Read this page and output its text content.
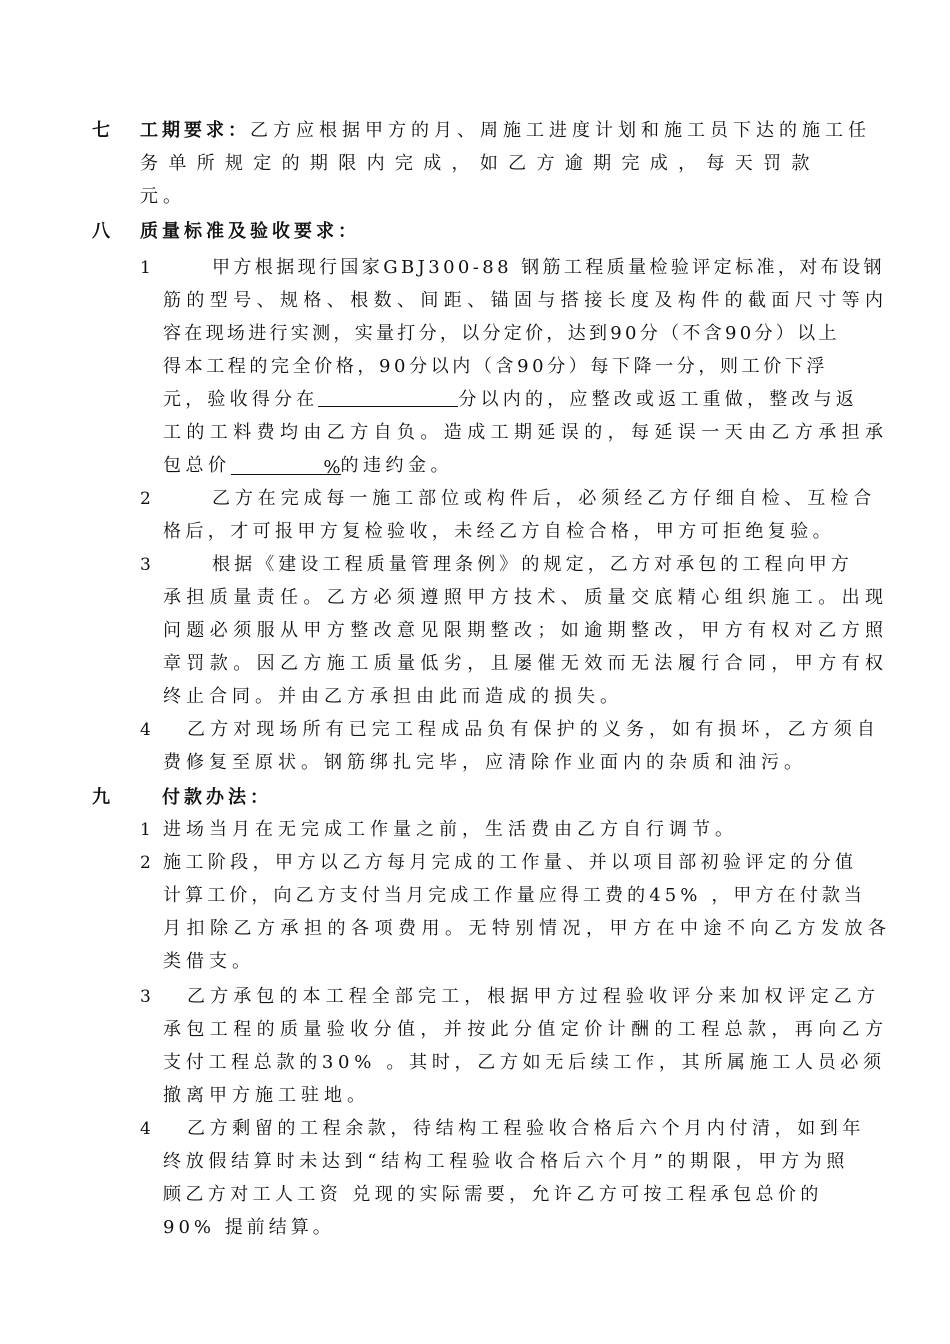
七 工期要求：乙方应根据甲方的月、周施工进度计划和施工员下达的施工任
务 单 所 规 定 的 期 限 内 完 成 ， 如 乙 方 逾 期 完 成 ， 每 天 罚 款
元。
八 质量标准及验收要求：
1	甲方根据现行国家GBJ300-88 钢筋工程质量检验评定标准，对布设钢
筋的型号、规格、根数、间距、锚固与搭接长度及构件的截面尺寸等内
容在现场进行实测，实量打分，以分定价，达到90分（不含90分）以上
得本工程的完全价格，90分以内（含90分）每下降一分，则工价下浮
元，验收得分在	分以内的，应整改或返工重做，整改与返
工的工料费均由乙方自负。造成工期延误的，每延误一天由乙方承担承
包总价	%的违约金。
2	乙方在完成每一施工部位或构件后，必须经乙方仔细自检、互检合
格后，才可报甲方复检验收，未经乙方自检合格，甲方可拒绝复验。
3	根据《建设工程质量管理条例》的规定，乙方对承包的工程向甲方
承担质量责任。乙方必须遵照甲方技术、质量交底精心组织施工。出现
问题必须服从甲方整改意见限期整改；如逾期整改，甲方有权对乙方照
章罚款。因乙方施工质量低劣，且屡催无效而无法履行合同，甲方有权
终止合同。并由乙方承担由此而造成的损失。
4 乙方对现场所有已完工程成品负有保护的义务，如有损坏，乙方须自
费修复至原状。钢筋绑扎完毕，应清除作业面内的杂质和油污。
九	付款办法：
1 进场当月在无完成工作量之前，生活费由乙方自行调节。
2 施工阶段，甲方以乙方每月完成的工作量、并以项目部初验评定的分值
计算工价，向乙方支付当月完成工作量应得工费的45% ，甲方在付款当
月扣除乙方承担的各项费用。无特别情况，甲方在中途不向乙方发放各
类借支。
3 乙方承包的本工程全部完工，根据甲方过程验收评分来加权评定乙方
承包工程的质量验收分值，并按此分值定价计酬的工程总款，再向乙方
支付工程总款的30% 。其时，乙方如无后续工作，其所属施工人员必须
撤离甲方施工驻地。
4 乙方剩留的工程余款，待结构工程验收合格后六个月内付清，如到年
终放假结算时未达到“结构工程验收合格后六个月”的期限，甲方为照
顾乙方对工人工资 兑现的实际需要，允许乙方可按工程承包总价的
90% 提前结算。
